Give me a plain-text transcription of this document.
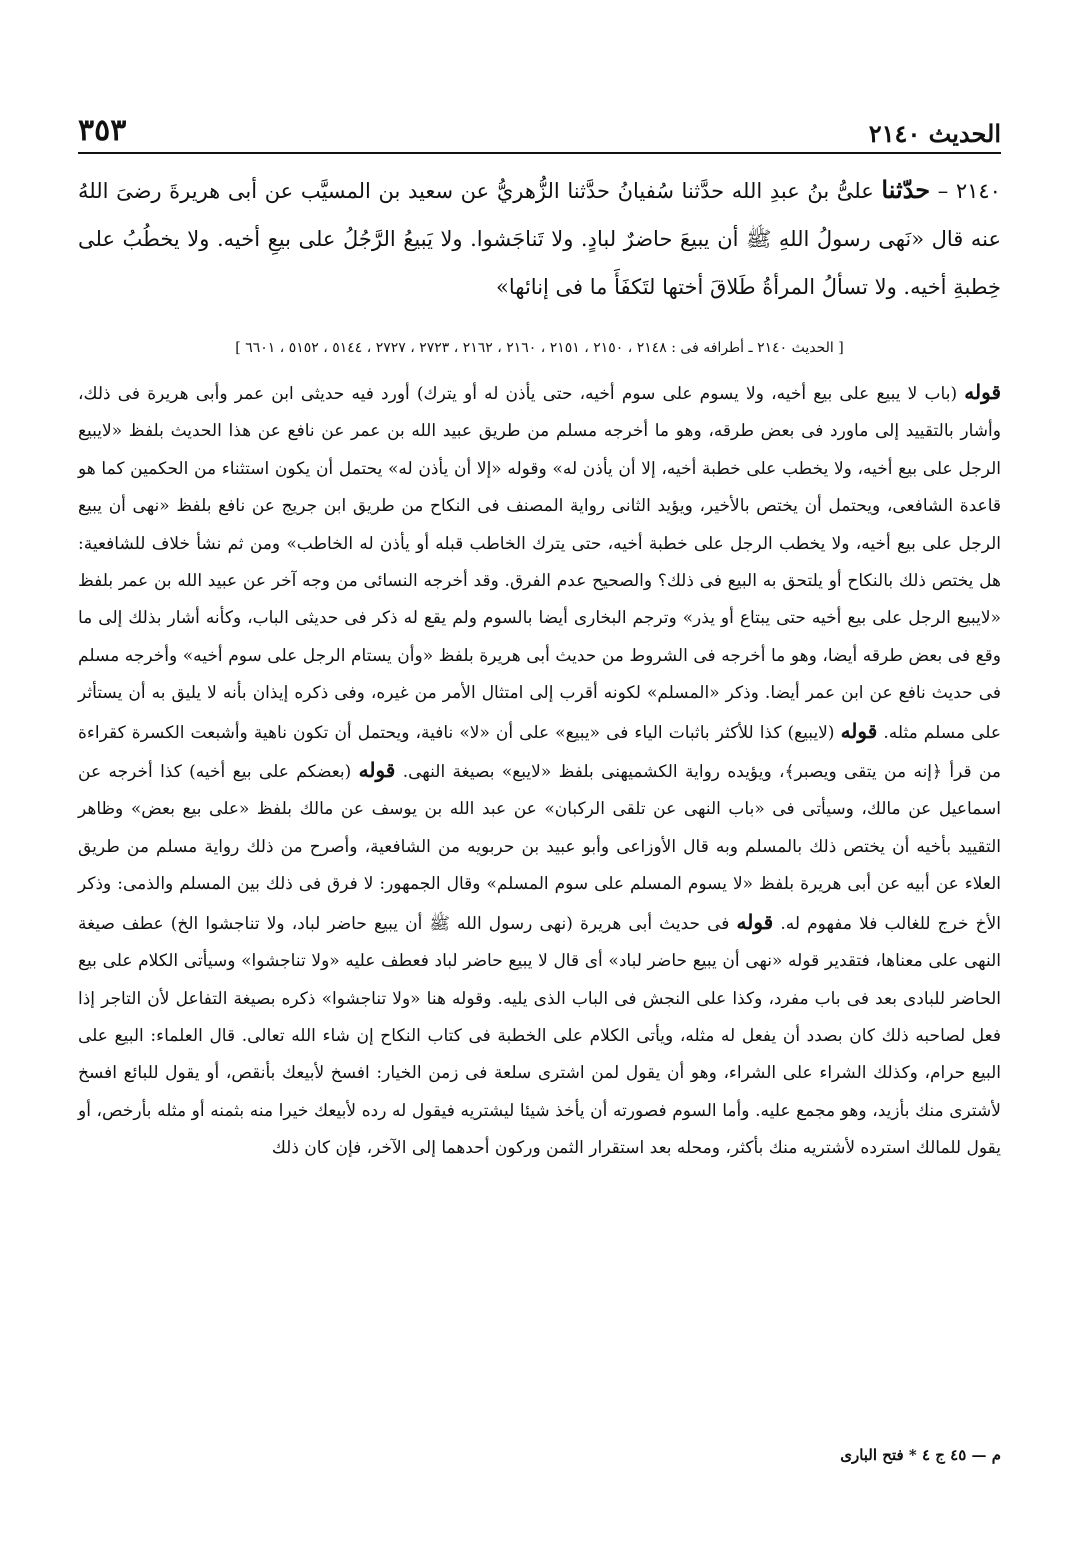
الحديث ٢١٤٠
٣٥٣

٢١٤٠ – حدّثنا علىُّ بنُ عبدِ الله حدَّثنا سُفيانُ حدَّثنا الزُّهريُّ عن سعيد بن المسيَّب عن أبى هريرةَ رضىَ اللهُ عنه قال «نَهى رسولُ اللهِ ﷺ أن يبيعَ حاضرٌ لبادٍ. ولا تَناجَشوا. ولا يَبيعُ الرَّجُلُ على بيعِ أخيه. ولا يخطُبُ على خِطبةِ أخيه. ولا تسألُ المرأةُ طَلاقَ أختها لتَكفَأَ ما فى إنائها»

[ الحديث ٢١٤٠ ـ أطرافه فى : ٢١٤٨ ، ٢١٥٠ ، ٢١٥١ ، ٢١٦٠ ، ٢١٦٢ ، ٢٧٢٣ ، ٢٧٢٧ ، ٥١٤٤ ، ٥١٥٢ ، ٦٦٠١ ]
قوله (باب لا يبيع على بيع أخيه، ولا يسوم على سوم أخيه، حتى يأذن له أو يترك) أورد فيه حديثى ابن عمر وأبى هريرة فى ذلك، وأشار بالتقييد إلى ماورد فى بعض طرقه، وهو ما أخرجه مسلم من طريق عبيد الله بن عمر عن نافع عن هذا الحديث بلفظ «لايبيع الرجل على بيع أخيه، ولا يخطب على خطبة أخيه، إلا أن يأذن له» وقوله «إلا أن يأذن له» يحتمل أن يكون استثناء من الحكمين كما هو قاعدة الشافعى، ويحتمل أن يختص بالأخير، ويؤيد الثانى رواية المصنف فى النكاح من طريق ابن جريج عن نافع بلفظ «نهى أن يبيع الرجل على بيع أخيه، ولا يخطب الرجل على خطبة أخيه، حتى يترك الخاطب قبله أو يأذن له الخاطب» ومن ثم نشأ خلاف للشافعية: هل يختص ذلك بالنكاح أو يلتحق به البيع فى ذلك؟ والصحيح عدم الفرق. وقد أخرجه النسائى من وجه آخر عن عبيد الله بن عمر بلفظ «لايبيع الرجل على بيع أخيه حتى يبتاع أو يذر» وترجم البخارى أيضا بالسوم ولم يقع له ذكر فى حديثى الباب، وكأنه أشار بذلك إلى ما وقع فى بعض طرقه أيضا، وهو ما أخرجه فى الشروط من حديث أبى هريرة بلفظ «وأن يستام الرجل على سوم أخيه» وأخرجه مسلم فى حديث نافع عن ابن عمر أيضا. وذكر «المسلم» لكونه أقرب إلى امتثال الأمر من غيره، وفى ذكره إيذان بأنه لا يليق به أن يستأثر على مسلم مثله. قوله (لايبيع) كذا للأكثر باثبات الياء فى «يبيع» على أن «لا» نافية، ويحتمل أن تكون ناهية وأشبعت الكسرة كقراءة من قرأ ﴿إنه من يتقى ويصبر﴾، ويؤيده رواية الكشميهنى بلفظ «لايبع» بصيغة النهى. قوله (بعضكم على بيع أخيه) كذا أخرجه عن اسماعيل عن مالك، وسيأتى فى «باب النهى عن تلقى الركبان» عن عبد الله بن يوسف عن مالك بلفظ «على بيع بعض» وظاهر التقييد بأخيه أن يختص ذلك بالمسلم وبه قال الأوزاعى وأبو عبيد بن حربويه من الشافعية، وأصرح من ذلك رواية مسلم من طريق العلاء عن أبيه عن أبى هريرة بلفظ «لا يسوم المسلم على سوم المسلم» وقال الجمهور: لا فرق فى ذلك بين المسلم والذمى: وذكر الأخ خرج للغالب فلا مفهوم له. قوله فى حديث أبى هريرة (نهى رسول الله ﷺ أن يبيع حاضر لباد، ولا تناجشوا الخ) عطف صيغة النهى على معناها، فتقدير قوله «نهى أن يبيع حاضر لباد» أى قال لا يبيع حاضر لباد فعطف عليه «ولا تناجشوا» وسيأتى الكلام على بيع الحاضر للبادى بعد فى باب مفرد، وكذا على النجش فى الباب الذى يليه. وقوله هنا «ولا تناجشوا» ذكره بصيغة التفاعل لأن التاجر إذا فعل لصاحبه ذلك كان بصدد أن يفعل له مثله، ويأتى الكلام على الخطبة فى كتاب النكاح إن شاء الله تعالى. قال العلماء: البيع على البيع حرام، وكذلك الشراء على الشراء، وهو أن يقول لمن اشترى سلعة فى زمن الخيار: افسخ لأبيعك بأنقص، أو يقول للبائع افسخ لأشترى منك بأزيد، وهو مجمع عليه. وأما السوم فصورته أن يأخذ شيئا ليشتريه فيقول له رده لأبيعك خيرا منه بثمنه أو مثله بأرخص، أو يقول للمالك استرده لأشتريه منك بأكثر، ومحله بعد استقرار الثمن وركون أحدهما إلى الآخر، فإن كان ذلك
م — ٤٥ ج ٤ * فتح البارى
